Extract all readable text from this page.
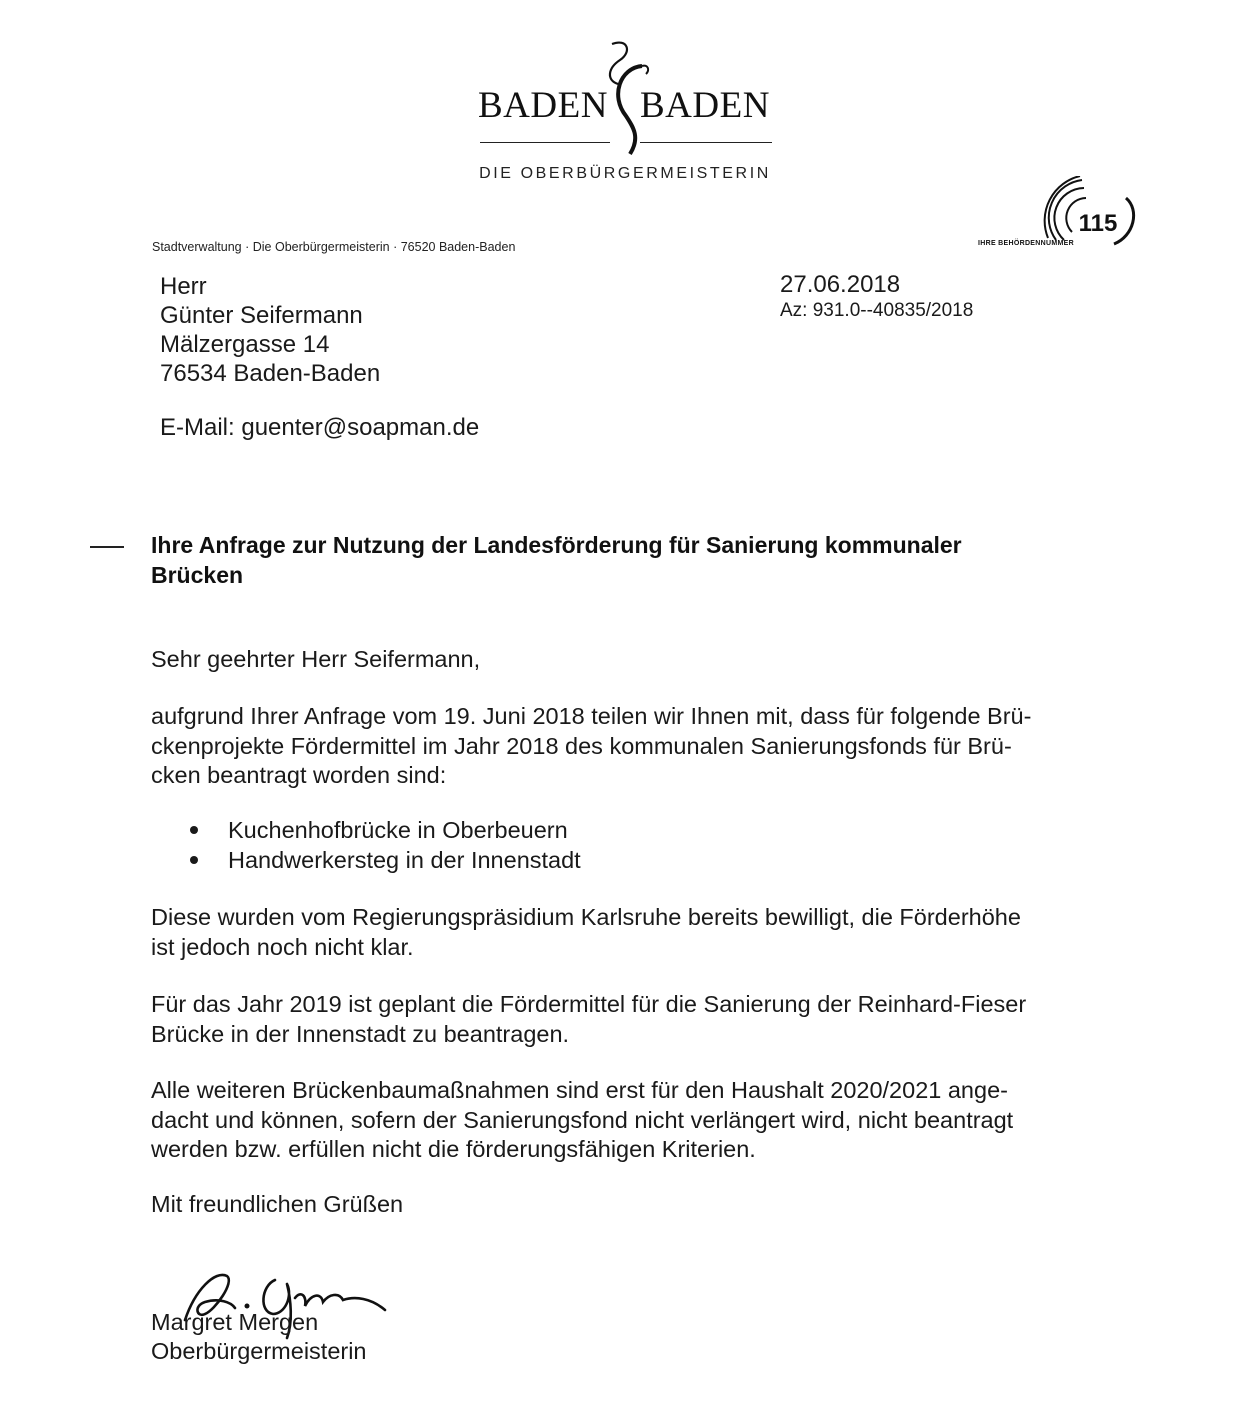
BADEN BADEN
DIE OBERBÜRGERMEISTERIN
115
IHRE BEHÖRDENNUMMER
Stadtverwaltung · Die Oberbürgermeisterin · 76520 Baden-Baden
Herr
Günter Seifermann
Mälzergasse 14
76534 Baden-Baden
E-Mail: guenter@soapman.de
27.06.2018
Az: 931.0--40835/2018
Ihre Anfrage zur Nutzung der Landesförderung für Sanierung kommunaler
Brücken
Sehr geehrter Herr Seifermann,
aufgrund Ihrer Anfrage vom 19. Juni 2018 teilen wir Ihnen mit, dass für folgende Brü-
ckenprojekte Fördermittel im Jahr 2018 des kommunalen Sanierungsfonds für Brü-
cken beantragt worden sind:
Kuchenhofbrücke in Oberbeuern
Handwerkersteg in der Innenstadt
Diese wurden vom Regierungspräsidium Karlsruhe bereits bewilligt, die Förderhöhe
ist jedoch noch nicht klar.
Für das Jahr 2019 ist geplant die Fördermittel für die Sanierung der Reinhard-Fieser
Brücke in der Innenstadt zu beantragen.
Alle weiteren Brückenbaumaßnahmen sind erst für den Haushalt 2020/2021 ange-
dacht und können, sofern der Sanierungsfond nicht verlängert wird, nicht beantragt
werden bzw. erfüllen nicht die förderungsfähigen Kriterien.
Mit freundlichen Grüßen
Margret Mergen
Oberbürgermeisterin
